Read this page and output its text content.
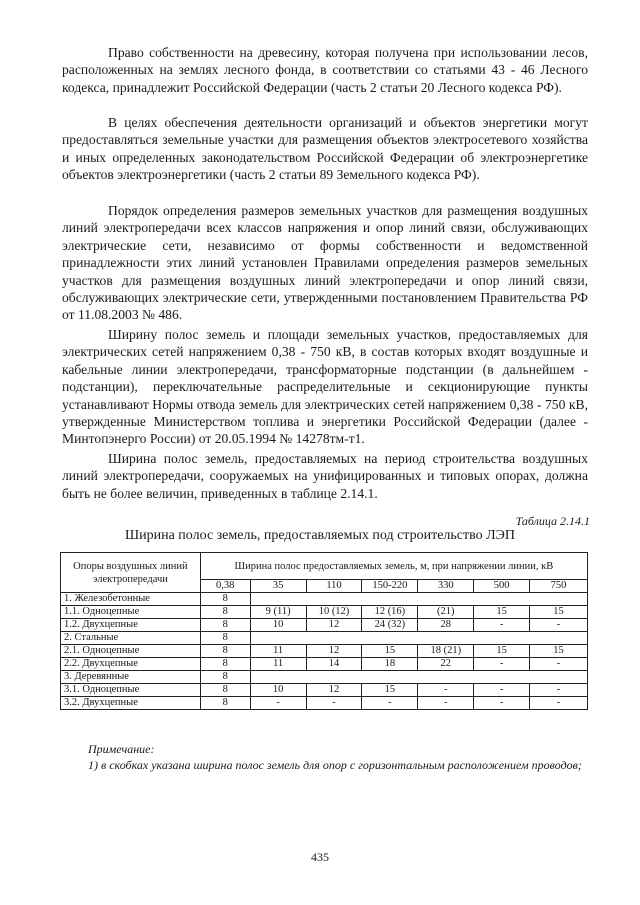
Право собственности на древесину, которая получена при использовании лесов, расположенных на землях лесного фонда, в соответствии со статьями 43 - 46 Лесного кодекса, принадлежит Российской Федерации (часть 2 статьи 20 Лесного кодекса РФ).

В целях обеспечения деятельности организаций и объектов энергетики могут предоставляться земельные участки для размещения объектов электросетевого хозяйства и иных определенных законодательством Российской Федерации об электроэнергетике объектов электроэнергетики (часть 2 статьи 89 Земельного кодекса РФ).

Порядок определения размеров земельных участков для размещения воздушных линий электропередачи всех классов напряжения и опор линий связи, обслуживающих электрические сети, независимо от формы собственности и ведомственной принадлежности этих линий установлен Правилами определения размеров земельных участков для размещения воздушных линий электропередачи и опор линий связи, обслуживающих электрические сети, утвержденными постановлением Правительства РФ от 11.08.2003 № 486.

Ширину полос земель и площади земельных участков, предоставляемых для электрических сетей напряжением 0,38 - 750 кВ, в состав которых входят воздушные и кабельные линии электропередачи, трансформаторные подстанции (в дальнейшем - подстанции), переключательные распределительные и секционирующие пункты устанавливают Нормы отвода земель для электрических сетей напряжением 0,38 - 750 кВ, утвержденные Министерством топлива и энергетики Российской Федерации (далее - Минтопэнерго России) от 20.05.1994 № 14278тм-т1.

Ширина полос земель, предоставляемых на период строительства воздушных линий электропередачи, сооружаемых на унифицированных и типовых опорах, должна быть не более величин, приведенных в таблице 2.14.1.

Таблица 2.14.1
Ширина полос земель, предоставляемых под строительство ЛЭП
Опоры воздушных линий электропередачи	Ширина полос предоставляемых земель, м, при напряжении линии, кВ						
	0,38	35	110	150-220	330	500	750
1. Железобетонные	8						
1.1. Одноцепные	8	9 (11)	10 (12)	12 (16)	(21)	15	15
1.2. Двухцепные	8	10	12	24 (32)	28	-	-
2. Стальные	8						
2.1. Одноцепные	8	11	12	15	18 (21)	15	15
2.2. Двухцепные	8	11	14	18	22	-	-
3. Деревянные	8						
3.1. Одноцепные	8	10	12	15	-	-	-
3.2. Двухцепные	8	-	-	-	-	-	-
Примечание:

1) в скобках указана ширина полос земель для опор с горизонтальным расположением проводов;

435
